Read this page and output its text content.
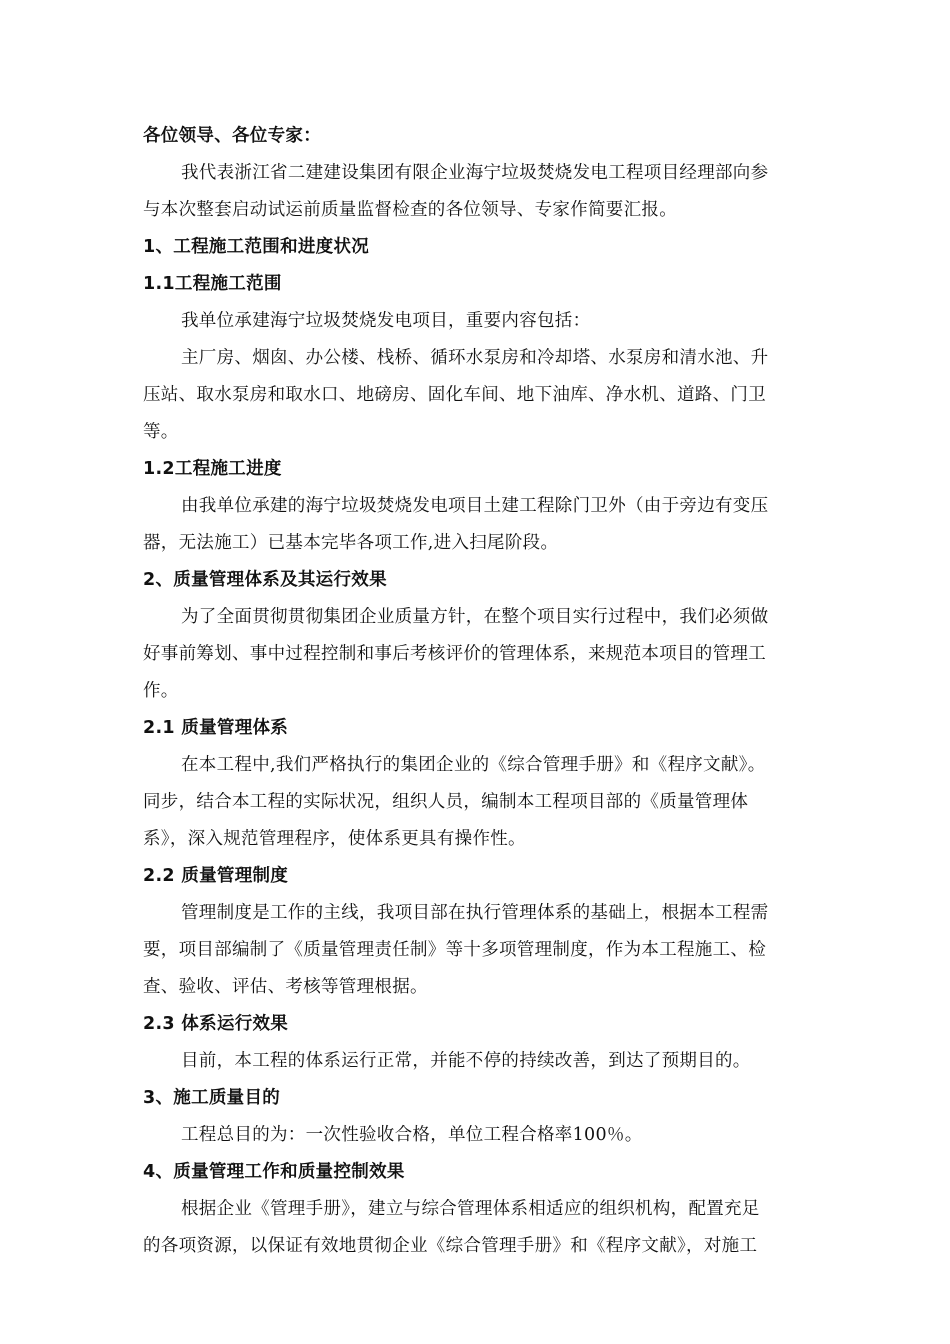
各位领导、各位专家：
我代表浙江省二建建设集团有限企业海宁垃圾焚烧发电工程项目经理部向参
与本次整套启动试运前质量监督检查的各位领导、专家作简要汇报。
1、工程施工范围和进度状况
1.1工程施工范围
我单位承建海宁垃圾焚烧发电项目，重要内容包括：
主厂房、烟囱、办公楼、栈桥、循环水泵房和冷却塔、水泵房和清水池、升
压站、取水泵房和取水口、地磅房、固化车间、地下油库、净水机、道路、门卫
等。
1.2工程施工进度
由我单位承建的海宁垃圾焚烧发电项目土建工程除门卫外（由于旁边有变压
器，无法施工）已基本完毕各项工作,进入扫尾阶段。
2、质量管理体系及其运行效果
为了全面贯彻贯彻集团企业质量方针，在整个项目实行过程中，我们必须做
好事前筹划、事中过程控制和事后考核评价的管理体系，来规范本项目的管理工
作。
2.1 质量管理体系
在本工程中,我们严格执行的集团企业的《综合管理手册》和《程序文献》。
同步，结合本工程的实际状况，组织人员，编制本工程项目部的《质量管理体
系》，深入规范管理程序，使体系更具有操作性。
2.2 质量管理制度
管理制度是工作的主线，我项目部在执行管理体系的基础上，根据本工程需
要，项目部编制了《质量管理责任制》等十多项管理制度，作为本工程施工、检
查、验收、评估、考核等管理根据。
2.3 体系运行效果
目前，本工程的体系运行正常，并能不停的持续改善，到达了预期目的。
3、施工质量目的
工程总目的为：一次性验收合格，单位工程合格率100％。
4、质量管理工作和质量控制效果
根据企业《管理手册》，建立与综合管理体系相适应的组织机构，配置充足
的各项资源，以保证有效地贯彻企业《综合管理手册》和《程序文献》，对施工
